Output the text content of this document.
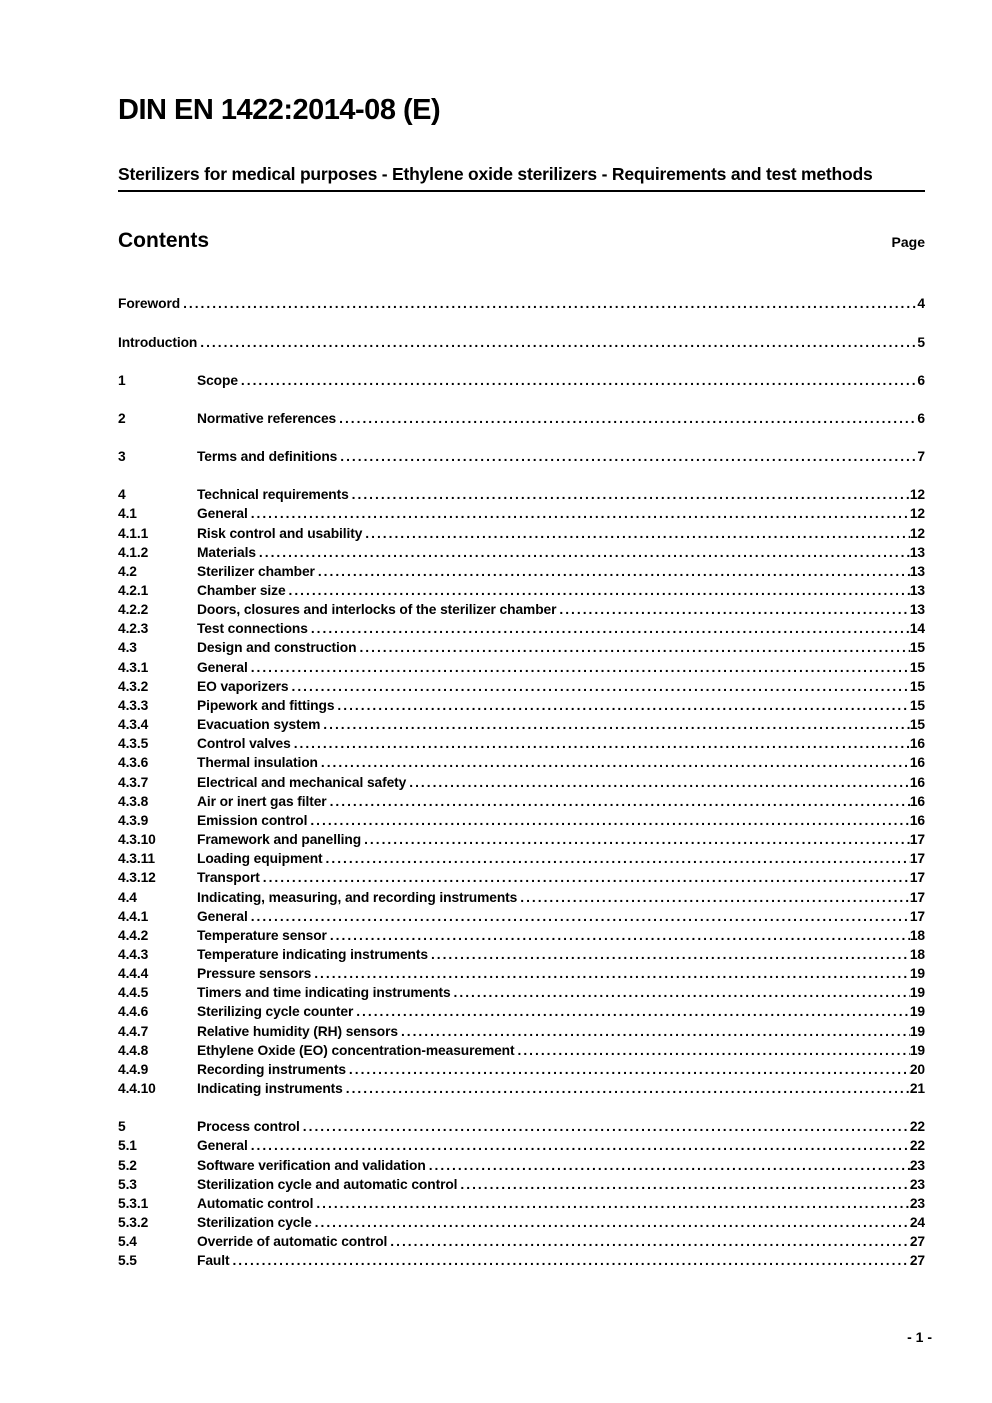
DIN EN 1422:2014-08 (E)
Sterilizers for medical purposes - Ethylene oxide sterilizers - Requirements and test methods
Contents	Page
Foreword .....	4
Introduction .....	5
1	Scope .....	6
2	Normative references .....	6
3	Terms and definitions .....	7
4	Technical requirements .....	12
4.1	General .....	12
4.1.1	Risk control and usability .....	12
4.1.2	Materials .....	13
4.2	Sterilizer chamber .....	13
4.2.1	Chamber size .....	13
4.2.2	Doors, closures and interlocks of the sterilizer chamber .....	13
4.2.3	Test connections .....	14
4.3	Design and construction .....	15
4.3.1	General .....	15
4.3.2	EO vaporizers .....	15
4.3.3	Pipework and fittings .....	15
4.3.4	Evacuation system .....	15
4.3.5	Control valves .....	16
4.3.6	Thermal insulation .....	16
4.3.7	Electrical and mechanical safety .....	16
4.3.8	Air or inert gas filter .....	16
4.3.9	Emission control .....	16
4.3.10	Framework and panelling .....	17
4.3.11	Loading equipment .....	17
4.3.12	Transport .....	17
4.4	Indicating, measuring, and recording instruments .....	17
4.4.1	General .....	17
4.4.2	Temperature sensor .....	18
4.4.3	Temperature indicating instruments .....	18
4.4.4	Pressure sensors .....	19
4.4.5	Timers and time indicating instruments .....	19
4.4.6	Sterilizing cycle counter .....	19
4.4.7	Relative humidity (RH) sensors .....	19
4.4.8	Ethylene Oxide (EO) concentration-measurement .....	19
4.4.9	Recording instruments .....	20
4.4.10	Indicating instruments .....	21
5	Process control .....	22
5.1	General .....	22
5.2	Software verification and validation .....	23
5.3	Sterilization cycle and automatic control .....	23
5.3.1	Automatic control .....	23
5.3.2	Sterilization cycle .....	24
5.4	Override of automatic control .....	27
5.5	Fault .....	27
- 1 -
